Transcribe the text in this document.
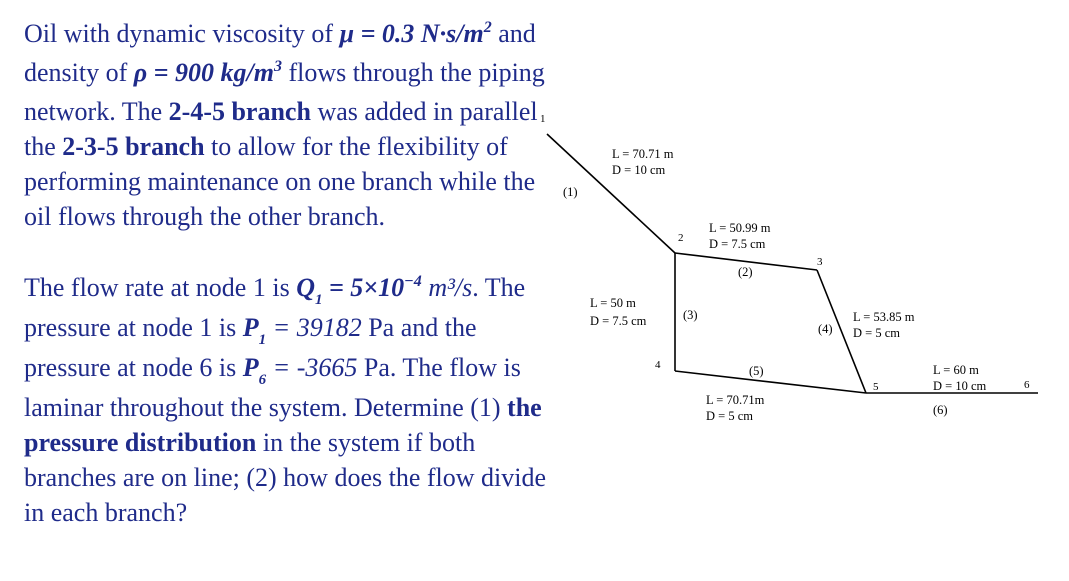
Oil with dynamic viscosity of μ = 0.3 $N\cdot s/m^2$ and density of ρ = 900 $kg/m^3$ flows through the piping network. The 2-4-5 branch was added in parallel the 2-3-5 branch to allow for the flexibility of performing maintenance on one branch while the oil flows through the other branch.

The flow rate at node 1 is $Q_1 = 5\times 10^{-4}$ m³/s. The pressure at node 1 is $P_1 = 39182$ Pa and the pressure at node 6 is $P_6 = -3665$ Pa. The flow is laminar throughout the system. Determine (1) the pressure distribution in the system if both branches are on line; (2) how does the flow divide in each branch?

1
2
3
4
5	6
(1)
L = 70.71 m
D = 10 cm
L = 50.99 m
D = 7.5 cm
(2)
L = 50 m
D = 7.5 cm	(3)
(4)
L = 53.85 m
D = 5 cm
(5)
L = 70.71m
D = 5 cm
L = 60 m
D = 10 cm
(6)
